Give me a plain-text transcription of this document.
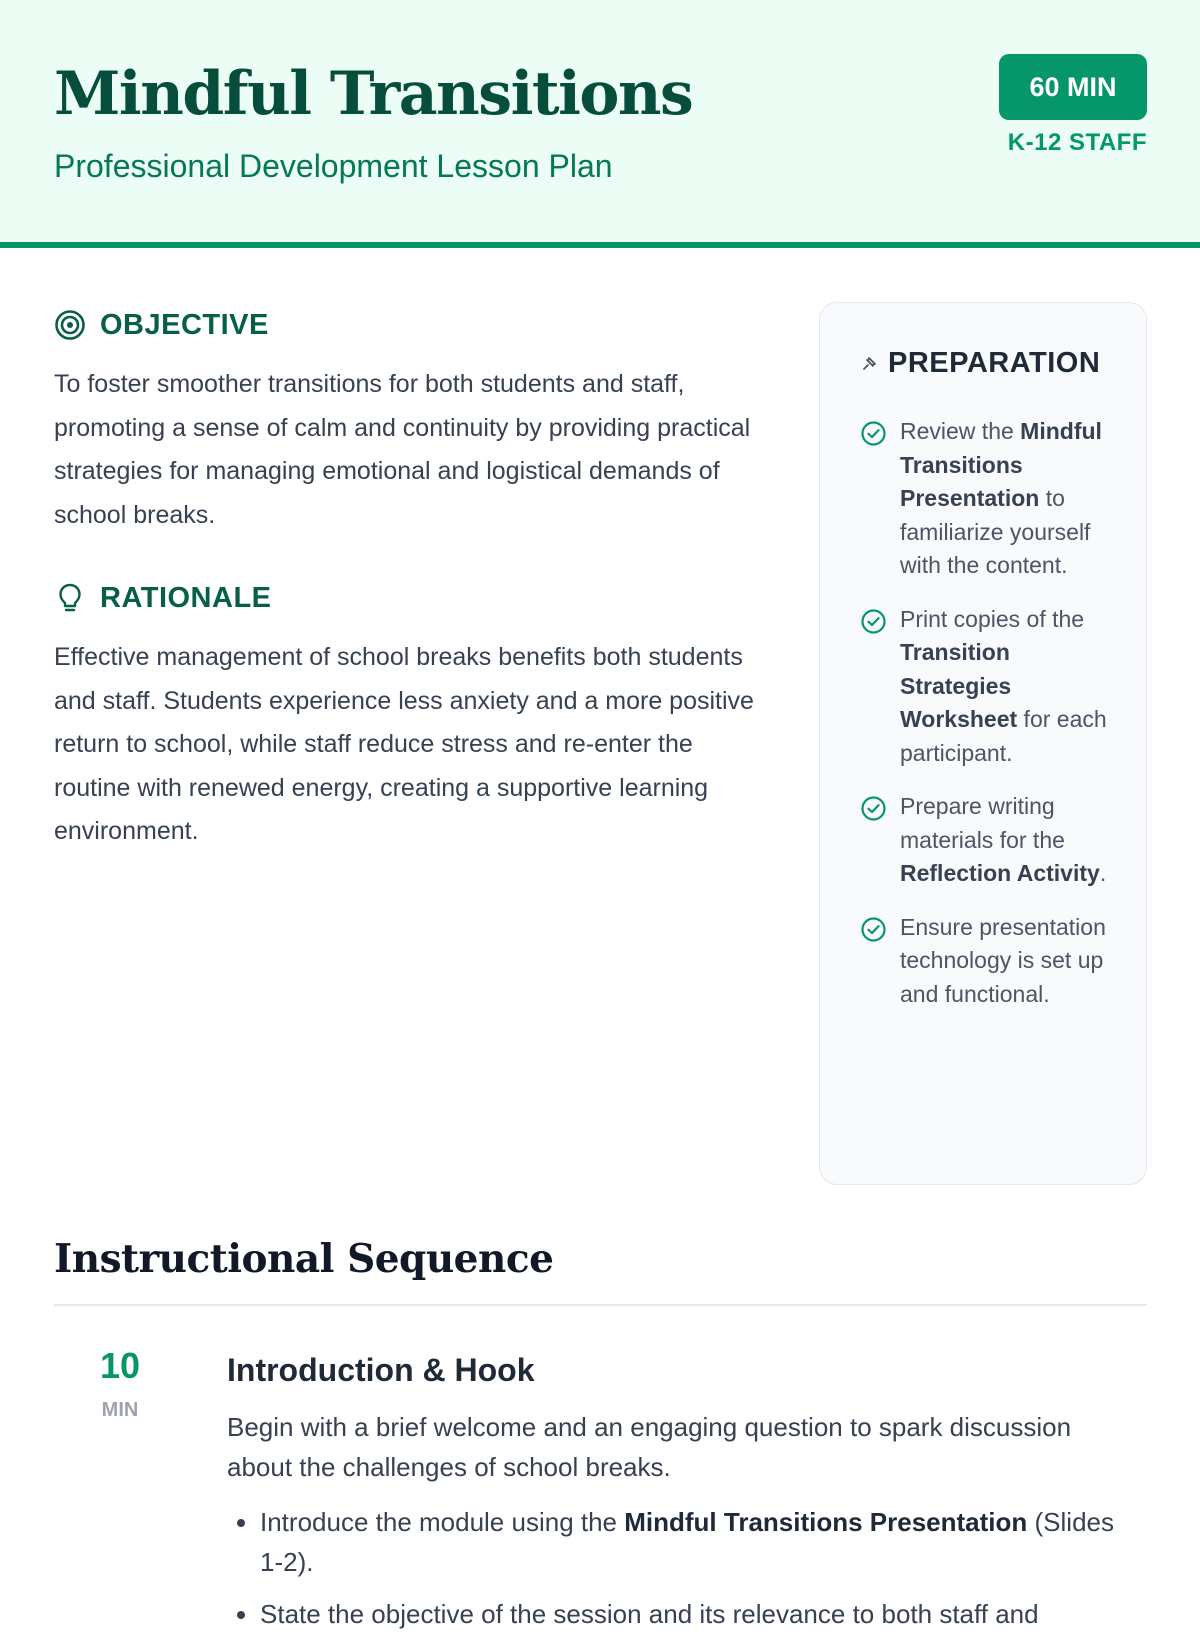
Mindful Transitions
Professional Development Lesson Plan
60 MIN
K-12 STAFF
OBJECTIVE
To foster smoother transitions for both students and staff, promoting a sense of calm and continuity by providing practical strategies for managing emotional and logistical demands of school breaks.
RATIONALE
Effective management of school breaks benefits both students and staff. Students experience less anxiety and a more positive return to school, while staff reduce stress and re-enter the routine with renewed energy, creating a supportive learning environment.
PREPARATION
Review the Mindful Transitions Presentation to familiarize yourself with the content.
Print copies of the Transition Strategies Worksheet for each participant.
Prepare writing materials for the Reflection Activity.
Ensure presentation technology is set up and functional.
Instructional Sequence
10
MIN
Introduction & Hook
Begin with a brief welcome and an engaging question to spark discussion about the challenges of school breaks.
• Introduce the module using the Mindful Transitions Presentation (Slides 1-2).
• State the objective of the session and its relevance to both staff and
